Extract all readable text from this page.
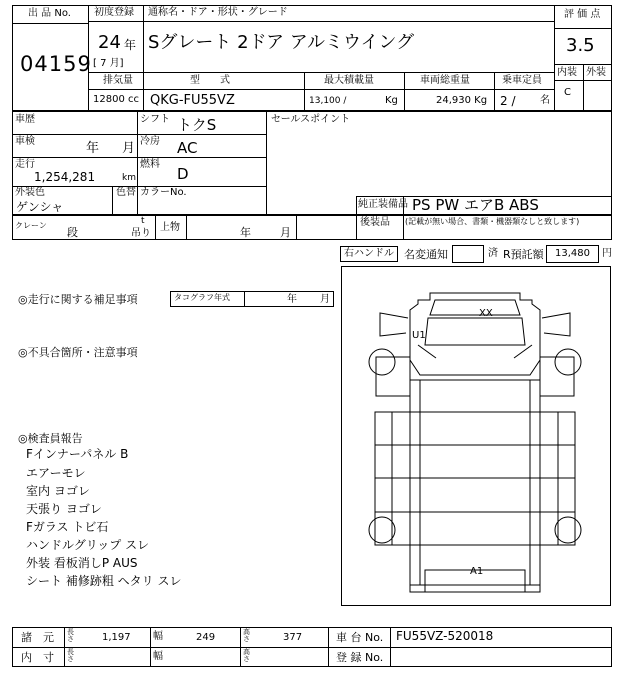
出 品 No.
04159
初度登録
24 年
[ 7 月]
通称名・ドア・形状・グレード
Sグレート 2ドア アルミウイング
評 価 点
3.5
内装 外装
C
排気量
12800 cc
型　　式
QKG-FU55VZ
最大積載量
13,100 /	Kg
車両総重量
24,930 Kg
乗車定員
2 / 名
車歴
車検	年 月
走行
1,254,281	km
外装色
ゲンシャ
色替
シフト トクS
冷房 AC
燃料
D
カラーNo.
セールスポイント
純正装備品 PS PW エアB ABS
後装品 (記載が無い場合、書類・機器類なしと致します)
クレーン
段
t
吊り
上物	年	月
右ハンドル 名変通知	済 R預託額 13,480 円
◎走行に関する補足事項	タコグラフ年式	年 月
◎不具合箇所・注意事項
◎検査員報告
Fインナーパネル B
エアーモレ
室内 ヨゴレ
天張り ヨゴレ
Fガラス トビ石
ハンドルグリップ スレ
外装 看板消しP AUS
シート 補修跡粗 ヘタリ スレ
XX
U1
A1
諸　元 長さ	1,197 幅	249	高さ	377	車 台 No. FU55VZ-520018
内　寸 長さ	幅	高さ	登 録 No.
